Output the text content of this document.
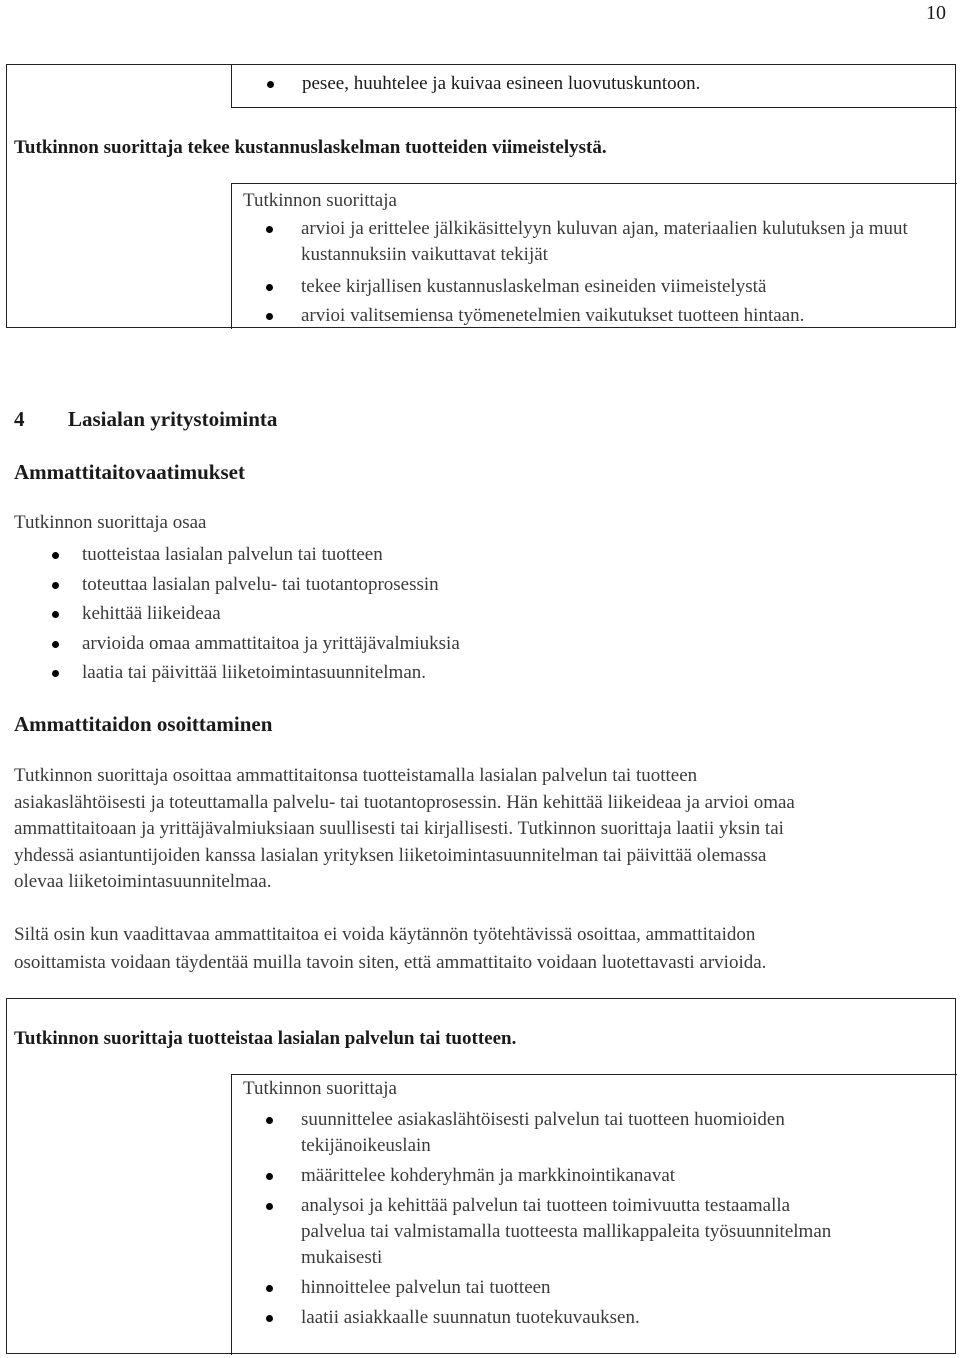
10
pesee, huuhtelee ja kuivaa esineen luovutuskuntoon.
Tutkinnon suorittaja tekee kustannuslaskelman tuotteiden viimeistelystä.
Tutkinnon suorittaja
arvioi ja erittelee jälkikäsittelyyn kuluvan ajan, materiaalien kulutuksen ja muut kustannuksiin vaikuttavat tekijät
tekee kirjallisen kustannuslaskelman esineiden viimeistelystä
arvioi valitsemiensa työmenetelmien vaikutukset tuotteen hintaan.
4 Lasialan yritystoiminta
Ammattitaitovaatimukset
Tutkinnon suorittaja osaa
tuotteistaa lasialan palvelun tai tuotteen
toteuttaa lasialan palvelu- tai tuotantoprosessin
kehittää liikeideaa
arvioida omaa ammattitaitoa ja yrittäjävalmiuksia
laatia tai päivittää liiketoimintasuunnitelman.
Ammattitaidon osoittaminen
Tutkinnon suorittaja osoittaa ammattitaitonsa tuotteistamalla lasialan palvelun tai tuotteen
asiakaslähtöisesti ja toteuttamalla palvelu- tai tuotantoprosessin. Hän kehittää liikeideaa ja arvioi omaa
ammattitaitoaan ja yrittäjävalmiuksiaan suullisesti tai kirjallisesti. Tutkinnon suorittaja laatii yksin tai
yhdessä asiantuntijoiden kanssa lasialan yrityksen liiketoimintasuunnitelman tai päivittää olemassa
olevaa liiketoimintasuunnitelmaa.
Siltä osin kun vaadittavaa ammattitaitoa ei voida käytännön työtehtävissä osoittaa, ammattitaidon
osoittamista voidaan täydentää muilla tavoin siten, että ammattitaito voidaan luotettavasti arvioida.
Tutkinnon suorittaja tuotteistaa lasialan palvelun tai tuotteen.
Tutkinnon suorittaja
suunnittelee asiakaslähtöisesti palvelun tai tuotteen huomioiden
tekijänoikeuslain
määrittelee kohderyhmän ja markkinointikanavat
analysoi ja kehittää palvelun tai tuotteen toimivuutta testaamalla
palvelua tai valmistamalla tuotteesta mallikappaleita työsuunnitelman
mukaisesti
hinnoittelee palvelun tai tuotteen
laatii asiakkaalle suunnatun tuotekuvauksen.
